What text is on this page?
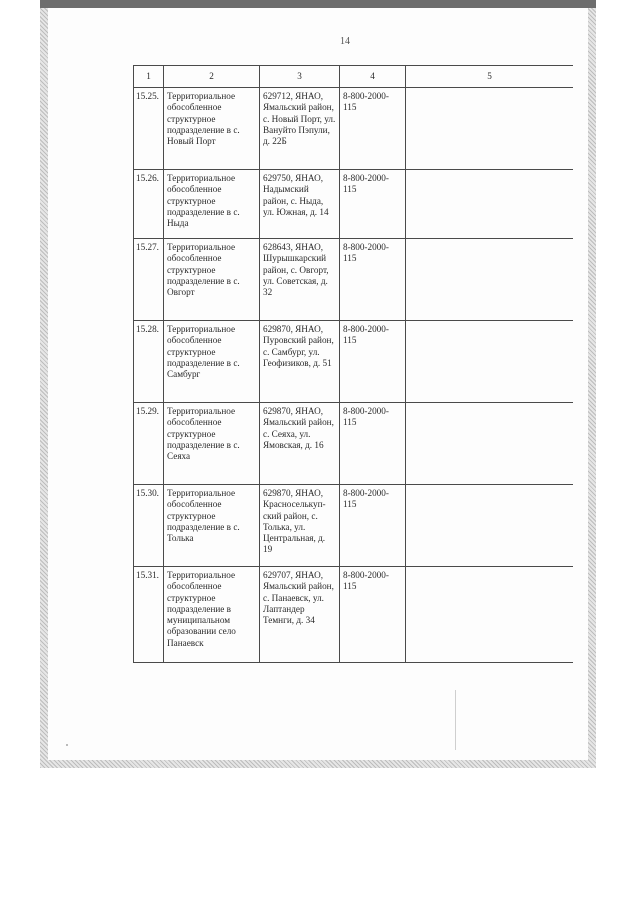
14
1	2	3	4	5
15.25.	Территориальное обособленное структурное подразделение в с. Новый Порт	629712, ЯНАО, Ямальский район, с. Новый Порт, ул. Вануйто Пэпули, д. 22Б	8-800-2000-115	
15.26.	Территориальное обособленное структурное подразделение в с. Ныда	629750, ЯНАО, Надымский район, с. Ныда, ул. Южная, д. 14	8-800-2000-115	
15.27.	Территориальное обособленное структурное подразделение в с. Овгорт	628643, ЯНАО, Шурышкарский район, с. Овгорт, ул. Советская, д. 32	8-800-2000-115	
15.28.	Территориальное обособленное структурное подразделение в с. Самбург	629870, ЯНАО, Пуровский район, с. Самбург, ул. Геофизиков, д. 51	8-800-2000-115	
15.29.	Территориальное обособленное структурное подразделение в с. Сеяха	629870, ЯНАО, Ямальский район, с. Сеяха, ул. Ямовская, д. 16	8-800-2000-115	
15.30.	Территориальное обособленное структурное подразделение в с. Толька	629870, ЯНАО, Красноселькуп-ский район, с. Толька, ул. Центральная, д. 19	8-800-2000-115	
15.31.	Территориальное обособленное структурное подразделение в муниципальном образовании село Панаевск	629707, ЯНАО, Ямальский район, с. Панаевск, ул. Лаптандер Темнги, д. 34	8-800-2000-115	
